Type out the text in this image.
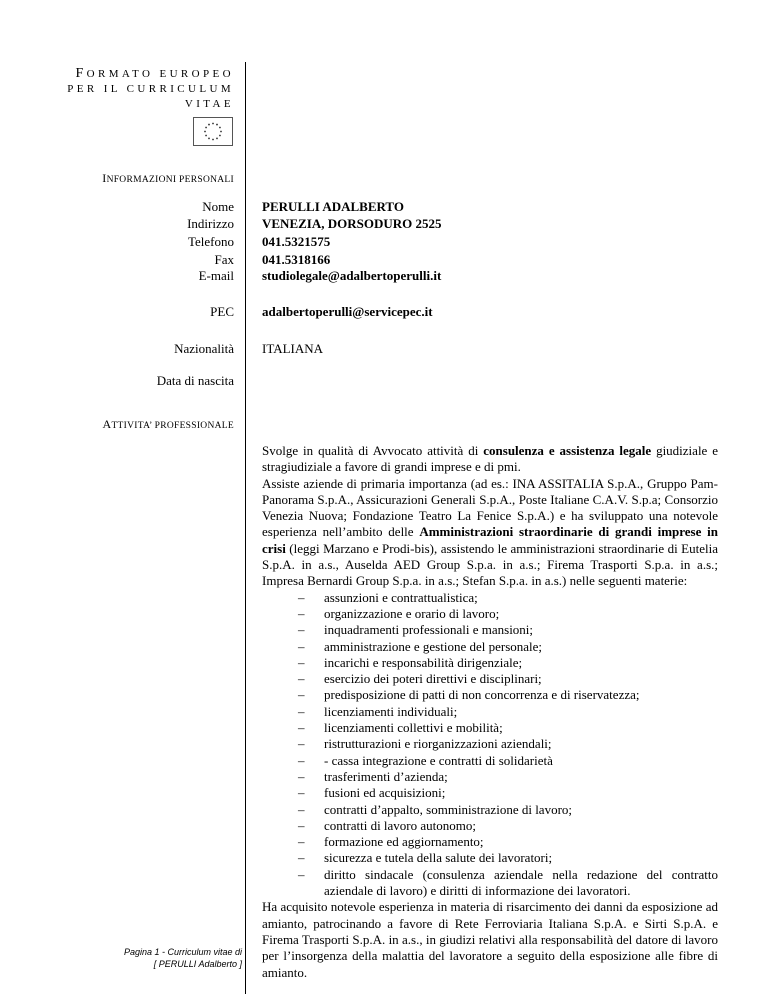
FORMATO EUROPEO
PER IL CURRICULUM
VITAE
INFORMAZIONI PERSONALI
Nome PERULLI ADALBERTO
Indirizzo VENEZIA, DORSODURO 2525
Telefono 041.5321575
Fax 041.5318166
E-mail studiolegale@adalbertoperulli.it
PEC adalbertoperulli@servicepec.it
Nazionalità ITALIANA
Data di nascita
ATTIVITA’ PROFESSIONALE

Svolge in qualità di Avvocato attività di consulenza e assistenza legale giudiziale e stragiudiziale a favore di grandi imprese e di pmi.

Assiste aziende di primaria importanza (ad es.: INA ASSITALIA S.p.A., Gruppo Pam-Panorama S.p.A., Assicurazioni Generali S.p.A., Poste Italiane C.A.V. S.p.a; Consorzio Venezia Nuova; Fondazione Teatro La Fenice S.p.A.) e ha sviluppato una notevole esperienza nell’ambito delle Amministrazioni straordinarie di grandi imprese in crisi (leggi Marzano e Prodi-bis), assistendo le amministrazioni straordinarie di Eutelia S.p.A. in a.s., Auselda AED Group S.p.a. in a.s.; Firema Trasporti S.p.a. in a.s.; Impresa Bernardi Group S.p.a. in a.s.; Stefan S.p.a. in a.s.) nelle seguenti materie:

– assunzioni e contrattualistica;
– organizzazione e orario di lavoro;
– inquadramenti professionali e mansioni;
– amministrazione e gestione del personale;
– incarichi e responsabilità dirigenziale;
– esercizio dei poteri direttivi e disciplinari;
– predisposizione di patti di non concorrenza e di riservatezza;
– licenziamenti individuali;
– licenziamenti collettivi e mobilità;
– ristrutturazioni e riorganizzazioni aziendali;
– - cassa integrazione e contratti di solidarietà
– trasferimenti d’azienda;
– fusioni ed acquisizioni;
– contratti d’appalto, somministrazione di lavoro;
– contratti di lavoro autonomo;
– formazione ed aggiornamento;
– sicurezza e tutela della salute dei lavoratori;
– diritto sindacale (consulenza aziendale nella redazione del contratto aziendale di lavoro) e diritti di informazione dei lavoratori.

Ha acquisito notevole esperienza in materia di risarcimento dei danni da esposizione ad amianto, patrocinando a favore di Rete Ferroviaria Italiana S.p.A. e Sirti S.p.A. e Firema Trasporti S.p.A. in a.s., in giudizi relativi alla responsabilità del datore di lavoro per l’insorgenza della malattia del lavoratore a seguito della esposizione alle fibre di amianto.

Pagina 1 - Curriculum vitae di
[ PERULLI Adalberto ]
